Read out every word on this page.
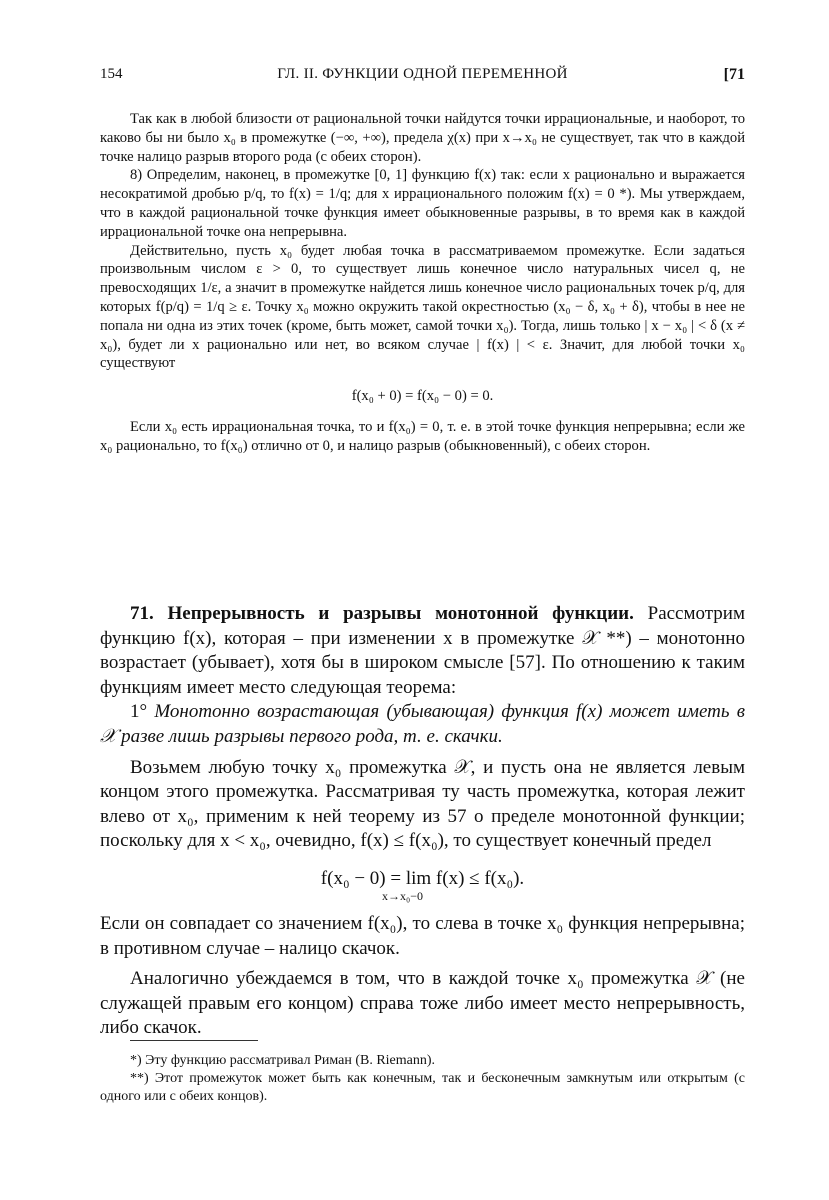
154	ГЛ. II. ФУНКЦИИ ОДНОЙ ПЕРЕМЕННОЙ	[71

Так как в любой близости от рациональной точки найдутся точки иррациональные, и наоборот, то каково бы ни было x₀ в промежутке (−∞, +∞), предела χ(x) при x→x₀ не существует, так что в каждой точке налицо разрыв второго рода (с обеих сторон).

8) Определим, наконец, в промежутке [0, 1] функцию f(x) так: если x рационально и выражается несократимой дробью p/q, то f(x) = 1/q; для x иррационального положим f(x) = 0 *). Мы утверждаем, что в каждой рациональной точке функция имеет обыкновенные разрывы, в то время как в каждой иррациональной точке она непрерывна.

Действительно, пусть x₀ будет любая точка в рассматриваемом промежутке. Если задаться произвольным числом ε > 0, то существует лишь конечное число натуральных чисел q, не превосходящих 1/ε, а значит в промежутке найдется лишь конечное число рациональных точек p/q, для которых f(p/q) = 1/q ≥ ε. Точку x₀ можно окружить такой окрестностью (x₀ − δ, x₀ + δ), чтобы в нее не попала ни одна из этих точек (кроме, быть может, самой точки x₀). Тогда, лишь только | x − x₀ | < δ (x ≠ x₀), будет ли x рационально или нет, во всяком случае | f(x) | < ε. Значит, для любой точки x₀ существуют

f(x₀ + 0) = f(x₀ − 0) = 0.

Если x₀ есть иррациональная точка, то и f(x₀) = 0, т. е. в этой точке функция непрерывна; если же x₀ рационально, то f(x₀) отлично от 0, и налицо разрыв (обыкновенный), с обеих сторон.

71. Непрерывность и разрывы монотонной функции. Рассмотрим функцию f(x), которая – при изменении x в промежутке 𝒳 **) – монотонно возрастает (убывает), хотя бы в широком смысле [57]. По отношению к таким функциям имеет место следующая теорема:

1° Монотонно возрастающая (убывающая) функция f(x) может иметь в 𝒳 разве лишь разрывы первого рода, т. е. скачки.

Возьмем любую точку x₀ промежутка 𝒳, и пусть она не является левым концом этого промежутка. Рассматривая ту часть промежутка, которая лежит влево от x₀, применим к ней теорему из 57 о пределе монотонной функции; поскольку для x < x₀, очевидно, f(x) ≤ f(x₀), то существует конечный предел

f(x₀ − 0) = lim f(x) ≤ f(x₀).
x→x₀−0

Если он совпадает со значением f(x₀), то слева в точке x₀ функция непрерывна; в противном случае – налицо скачок.

Аналогично убеждаемся в том, что в каждой точке x₀ промежутка 𝒳 (не служащей правым его концом) справа тоже либо имеет место непрерывность, либо скачок.

*) Эту функцию рассматривал Риман (B. Riemann).

**) Этот промежуток может быть как конечным, так и бесконечным замкнутым или открытым (с одного или с обеих концов).
